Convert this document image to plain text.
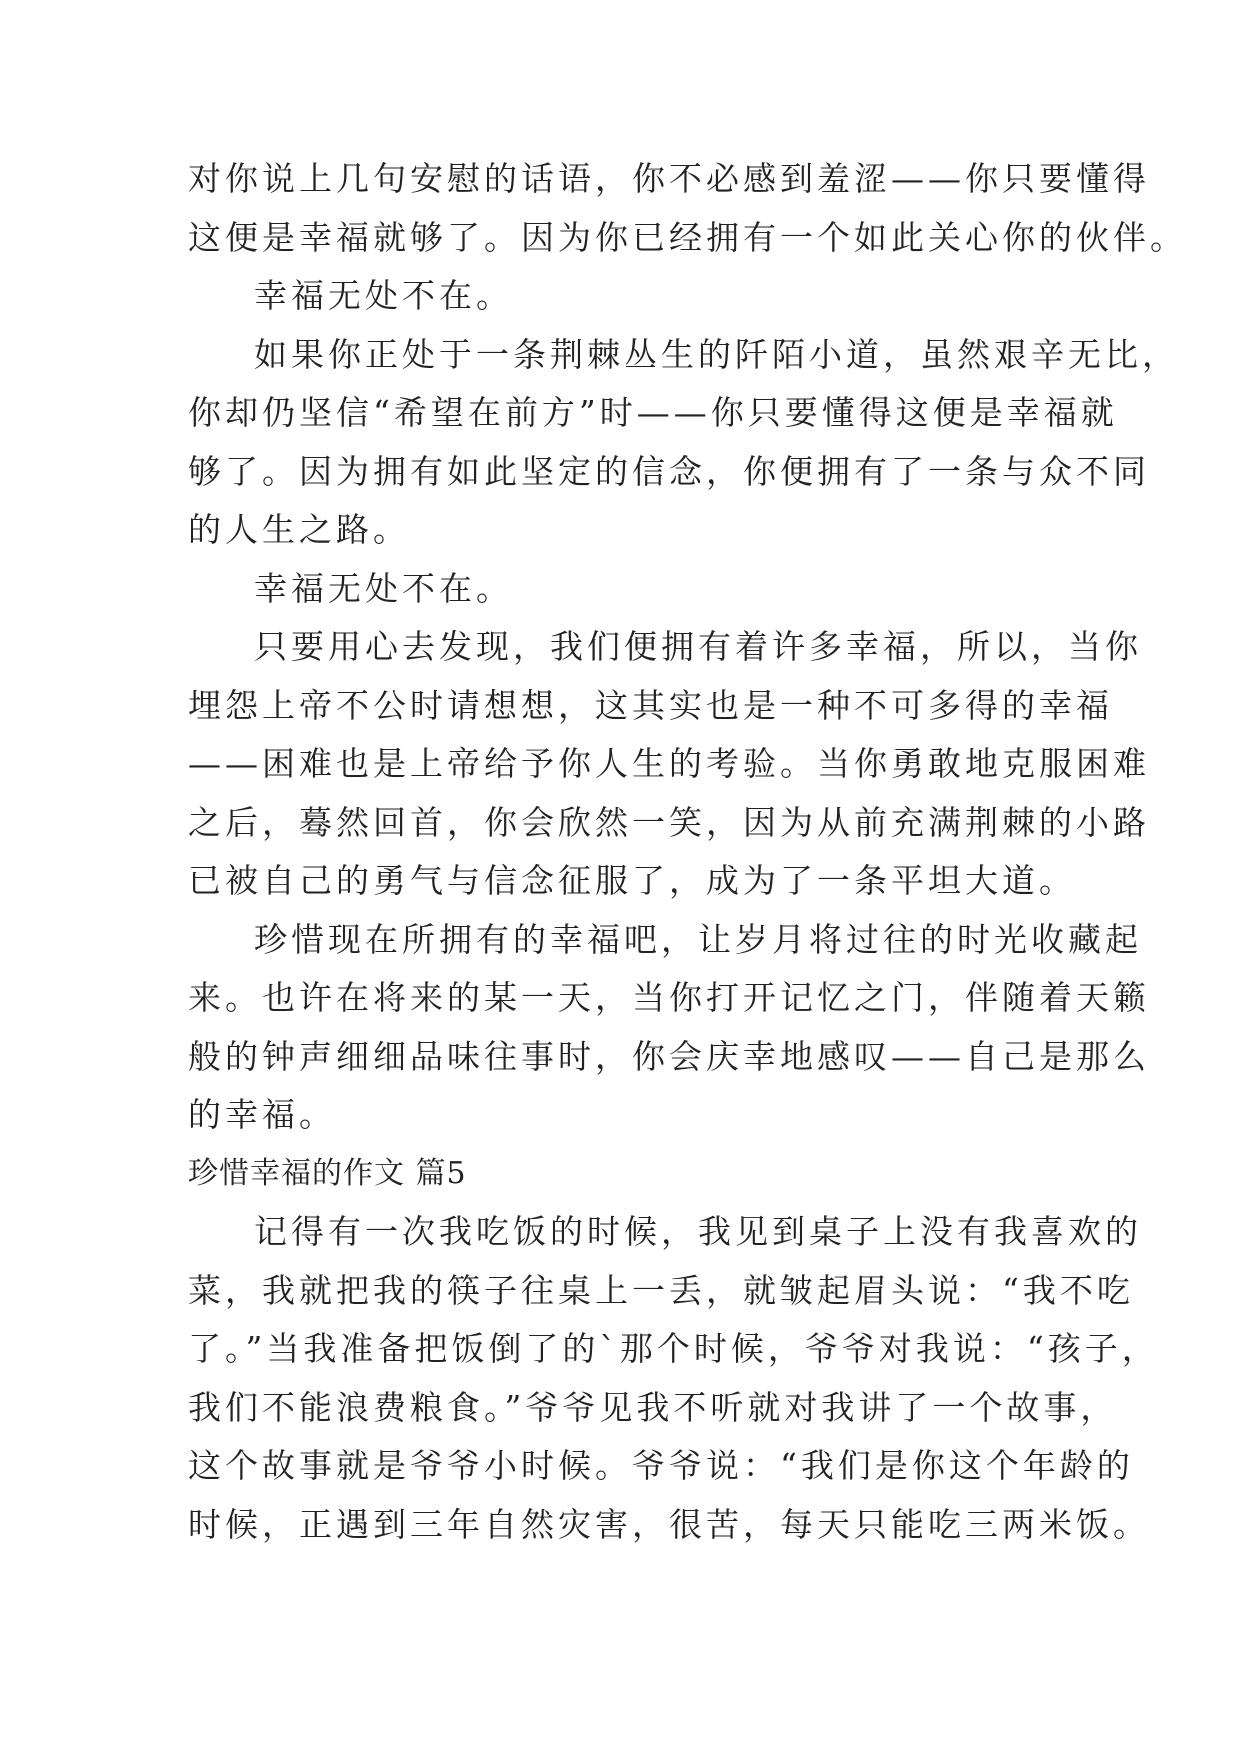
对你说上几句安慰的话语，你不必感到羞涩——你只要懂得
这便是幸福就够了。因为你已经拥有一个如此关心你的伙伴。
幸福无处不在。
如果你正处于一条荆棘丛生的阡陌小道，虽然艰辛无比，
你却仍坚信“希望在前方”时——你只要懂得这便是幸福就
够了。因为拥有如此坚定的信念，你便拥有了一条与众不同
的人生之路。
幸福无处不在。
只要用心去发现，我们便拥有着许多幸福，所以，当你
埋怨上帝不公时请想想，这其实也是一种不可多得的幸福
——困难也是上帝给予你人生的考验。当你勇敢地克服困难
之后，蓦然回首，你会欣然一笑，因为从前充满荆棘的小路
已被自己的勇气与信念征服了，成为了一条平坦大道。
珍惜现在所拥有的幸福吧，让岁月将过往的时光收藏起
来。也许在将来的某一天，当你打开记忆之门，伴随着天籁
般的钟声细细品味往事时，你会庆幸地感叹——自己是那么
的幸福。
珍惜幸福的作文 篇5
记得有一次我吃饭的时候，我见到桌子上没有我喜欢的
菜，我就把我的筷子往桌上一丢，就皱起眉头说：“我不吃
了。”当我准备把饭倒了的`那个时候，爷爷对我说：“孩子，
我们不能浪费粮食。”爷爷见我不听就对我讲了一个故事，
这个故事就是爷爷小时候。爷爷说：“我们是你这个年龄的
时候，正遇到三年自然灾害，很苦，每天只能吃三两米饭。
